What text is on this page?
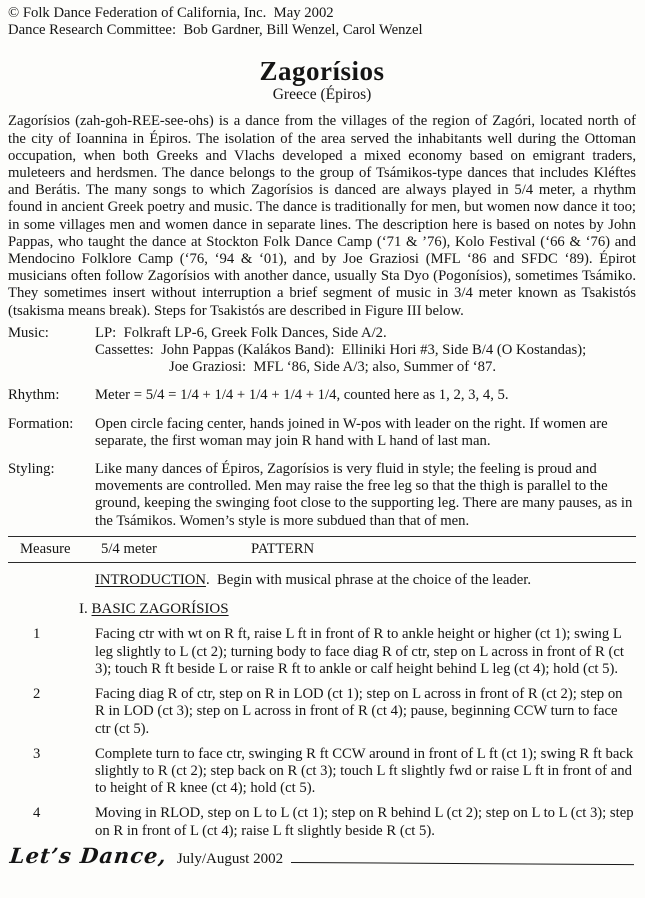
© Folk Dance Federation of California, Inc.  May 2002
Dance Research Committee:  Bob Gardner, Bill Wenzel, Carol Wenzel
Zagorísios
Greece (Épiros)
Zagorísios (zah-goh-REE-see-ohs) is a dance from the villages of the region of Zagóri, located north of the city of Ioannina in Épiros. The isolation of the area served the inhabitants well during the Ottoman occupation, when both Greeks and Vlachs developed a mixed economy based on emigrant traders, muleteers and herdsmen. The dance belongs to the group of Tsámikos-type dances that includes Kléftes and Berátis. The many songs to which Zagorísios is danced are always played in 5/4 meter, a rhythm found in ancient Greek poetry and music. The dance is traditionally for men, but women now dance it too; in some villages men and women dance in separate lines. The description here is based on notes by John Pappas, who taught the dance at Stockton Folk Dance Camp (‘71 & ’76), Kolo Festival (‘66 & ‘76) and Mendocino Folklore Camp (‘76, ‘94 & ‘01), and by Joe Graziosi (MFL ‘86 and SFDC ‘89). Épirot musicians often follow Zagorísios with another dance, usually Sta Dyo (Pogonísios), sometimes Tsámiko. They sometimes insert without interruption a brief segment of music in 3/4 meter known as Tsakistós (tsakisma means break). Steps for Tsakistós are described in Figure III below.
Music:	LP:  Folkraft LP-6, Greek Folk Dances, Side A/2.
Cassettes:  John Pappas (Kalákos Band):  Elliniki Hori #3, Side B/4 (O Kostandas);
Joe Graziosi:  MFL ‘86, Side A/3; also, Summer of ‘87.
Rhythm:	Meter = 5/4 = 1/4 + 1/4 + 1/4 + 1/4 + 1/4, counted here as 1, 2, 3, 4, 5.
Formation:	Open circle facing center, hands joined in W-pos with leader on the right. If women are separate, the first woman may join R hand with L hand of last man.
Styling:	Like many dances of Épiros, Zagorísios is very fluid in style; the feeling is proud and movements are controlled. Men may raise the free leg so that the thigh is parallel to the ground, keeping the swinging foot close to the supporting leg. There are many pauses, as in the Tsámikos. Women’s style is more subdued than that of men.
Measure	5/4 meter	PATTERN
INTRODUCTION.  Begin with musical phrase at the choice of the leader.
I. BASIC ZAGORÍSIOS
1	Facing ctr with wt on R ft, raise L ft in front of R to ankle height or higher (ct 1); swing L leg slightly to L (ct 2); turning body to face diag R of ctr, step on L across in front of R (ct 3); touch R ft beside L or raise R ft to ankle or calf height behind L leg (ct 4); hold (ct 5).
2	Facing diag R of ctr, step on R in LOD (ct 1); step on L across in front of R (ct 2); step on R in LOD (ct 3); step on L across in front of R (ct 4); pause, beginning CCW turn to face ctr (ct 5).
3	Complete turn to face ctr, swinging R ft CCW around in front of L ft (ct 1); swing R ft back slightly to R (ct 2); step back on R (ct 3); touch L ft slightly fwd or raise L ft in front of and to height of R knee (ct 4); hold (ct 5).
4	Moving in RLOD, step on L to L (ct 1); step on R behind L (ct 2); step on L to L (ct 3); step on R in front of L (ct 4); raise L ft slightly beside R (ct 5).
Let’s Dance, July/August 2002
